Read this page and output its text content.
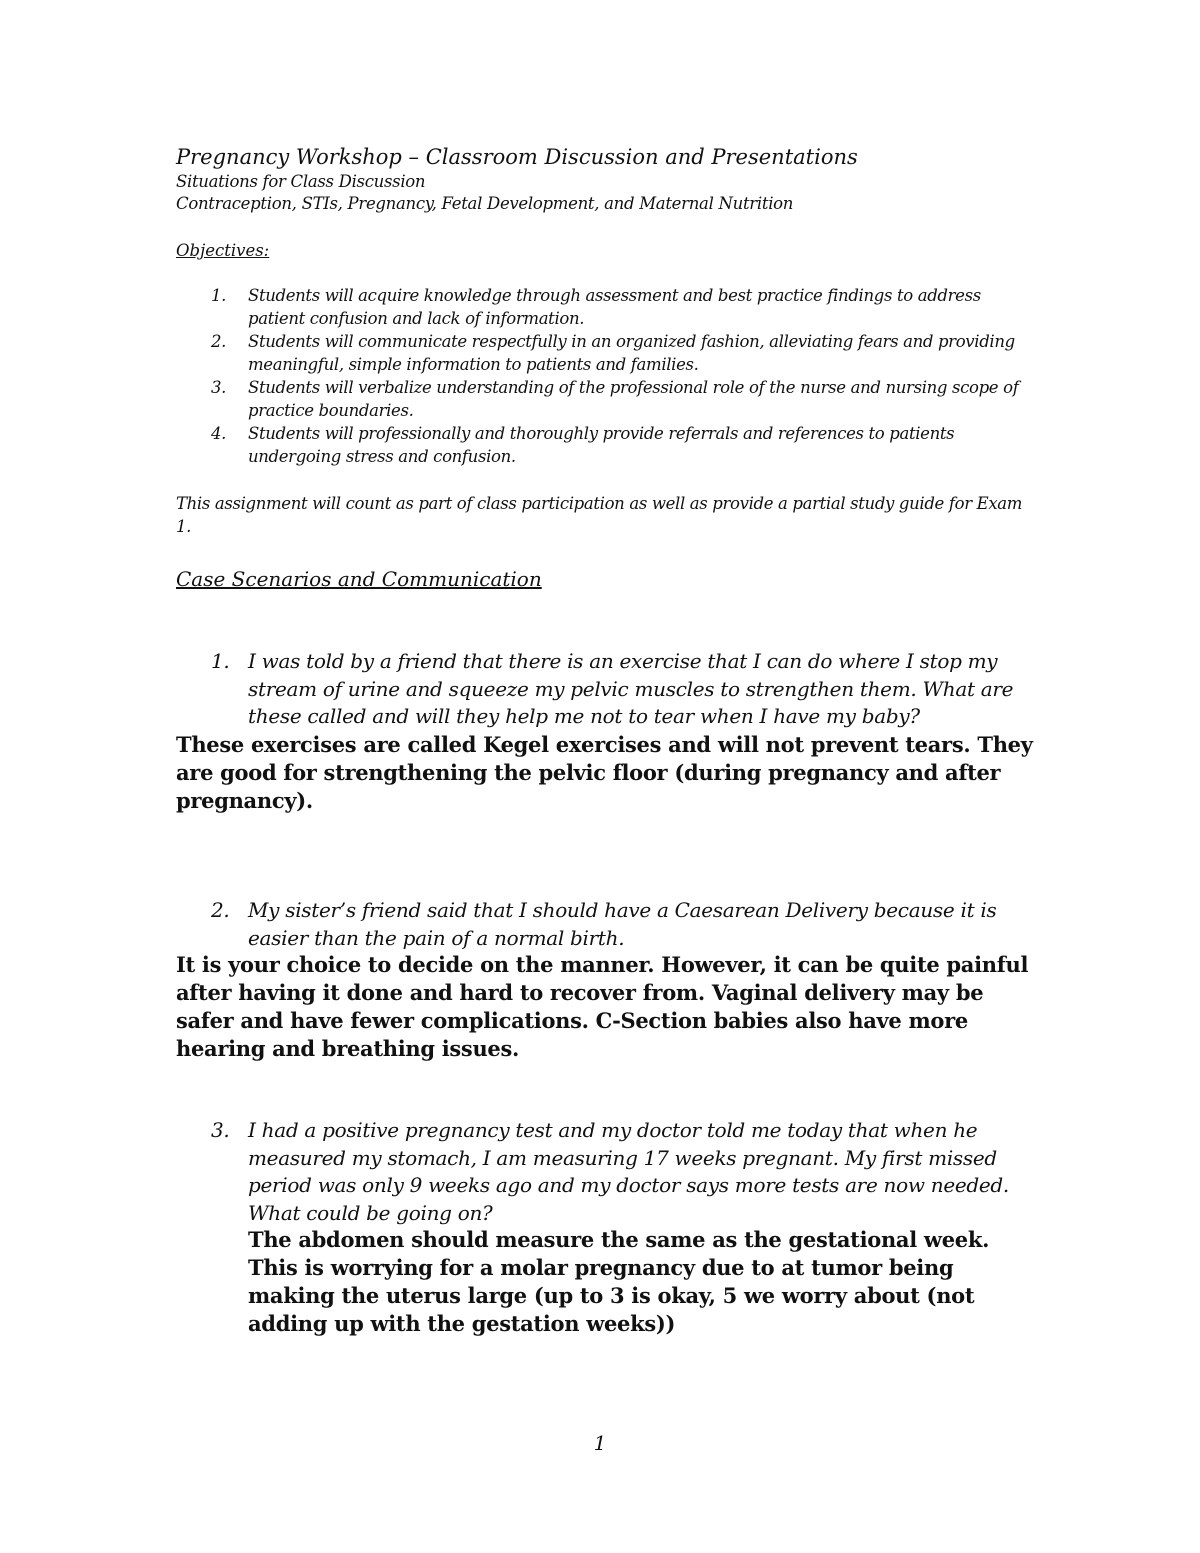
Pregnancy Workshop – Classroom Discussion and Presentations

Situations for Class Discussion

Contraception, STIs, Pregnancy, Fetal Development, and Maternal Nutrition

Objectives:

1.	Students will acquire knowledge through assessment and best practice findings to address patient confusion and lack of information.
2.	Students will communicate respectfully in an organized fashion, alleviating fears and providing meaningful, simple information to patients and families.
3.	Students will verbalize understanding of the professional role of the nurse and nursing scope of practice boundaries.
4.	Students will professionally and thoroughly provide referrals and references to patients undergoing stress and confusion.

This assignment will count as part of class participation as well as provide a partial study guide for Exam 1.

Case Scenarios and Communication

1. I was told by a friend that there is an exercise that I can do where I stop my stream of urine and squeeze my pelvic muscles to strengthen them. What are these called and will they help me not to tear when I have my baby?

These exercises are called Kegel exercises and will not prevent tears. They are good for strengthening the pelvic floor (during pregnancy and after pregnancy).

2. My sister’s friend said that I should have a Caesarean Delivery because it is easier than the pain of a normal birth.

It is your choice to decide on the manner. However, it can be quite painful after having it done and hard to recover from. Vaginal delivery may be safer and have fewer complications. C-Section babies also have more hearing and breathing issues.

3. I had a positive pregnancy test and my doctor told me today that when he measured my stomach, I am measuring 17 weeks pregnant. My first missed period was only 9 weeks ago and my doctor says more tests are now needed. What could be going on?

The abdomen should measure the same as the gestational week. This is worrying for a molar pregnancy due to at tumor being making the uterus large (up to 3 is okay, 5 we worry about (not adding up with the gestation weeks))

1
